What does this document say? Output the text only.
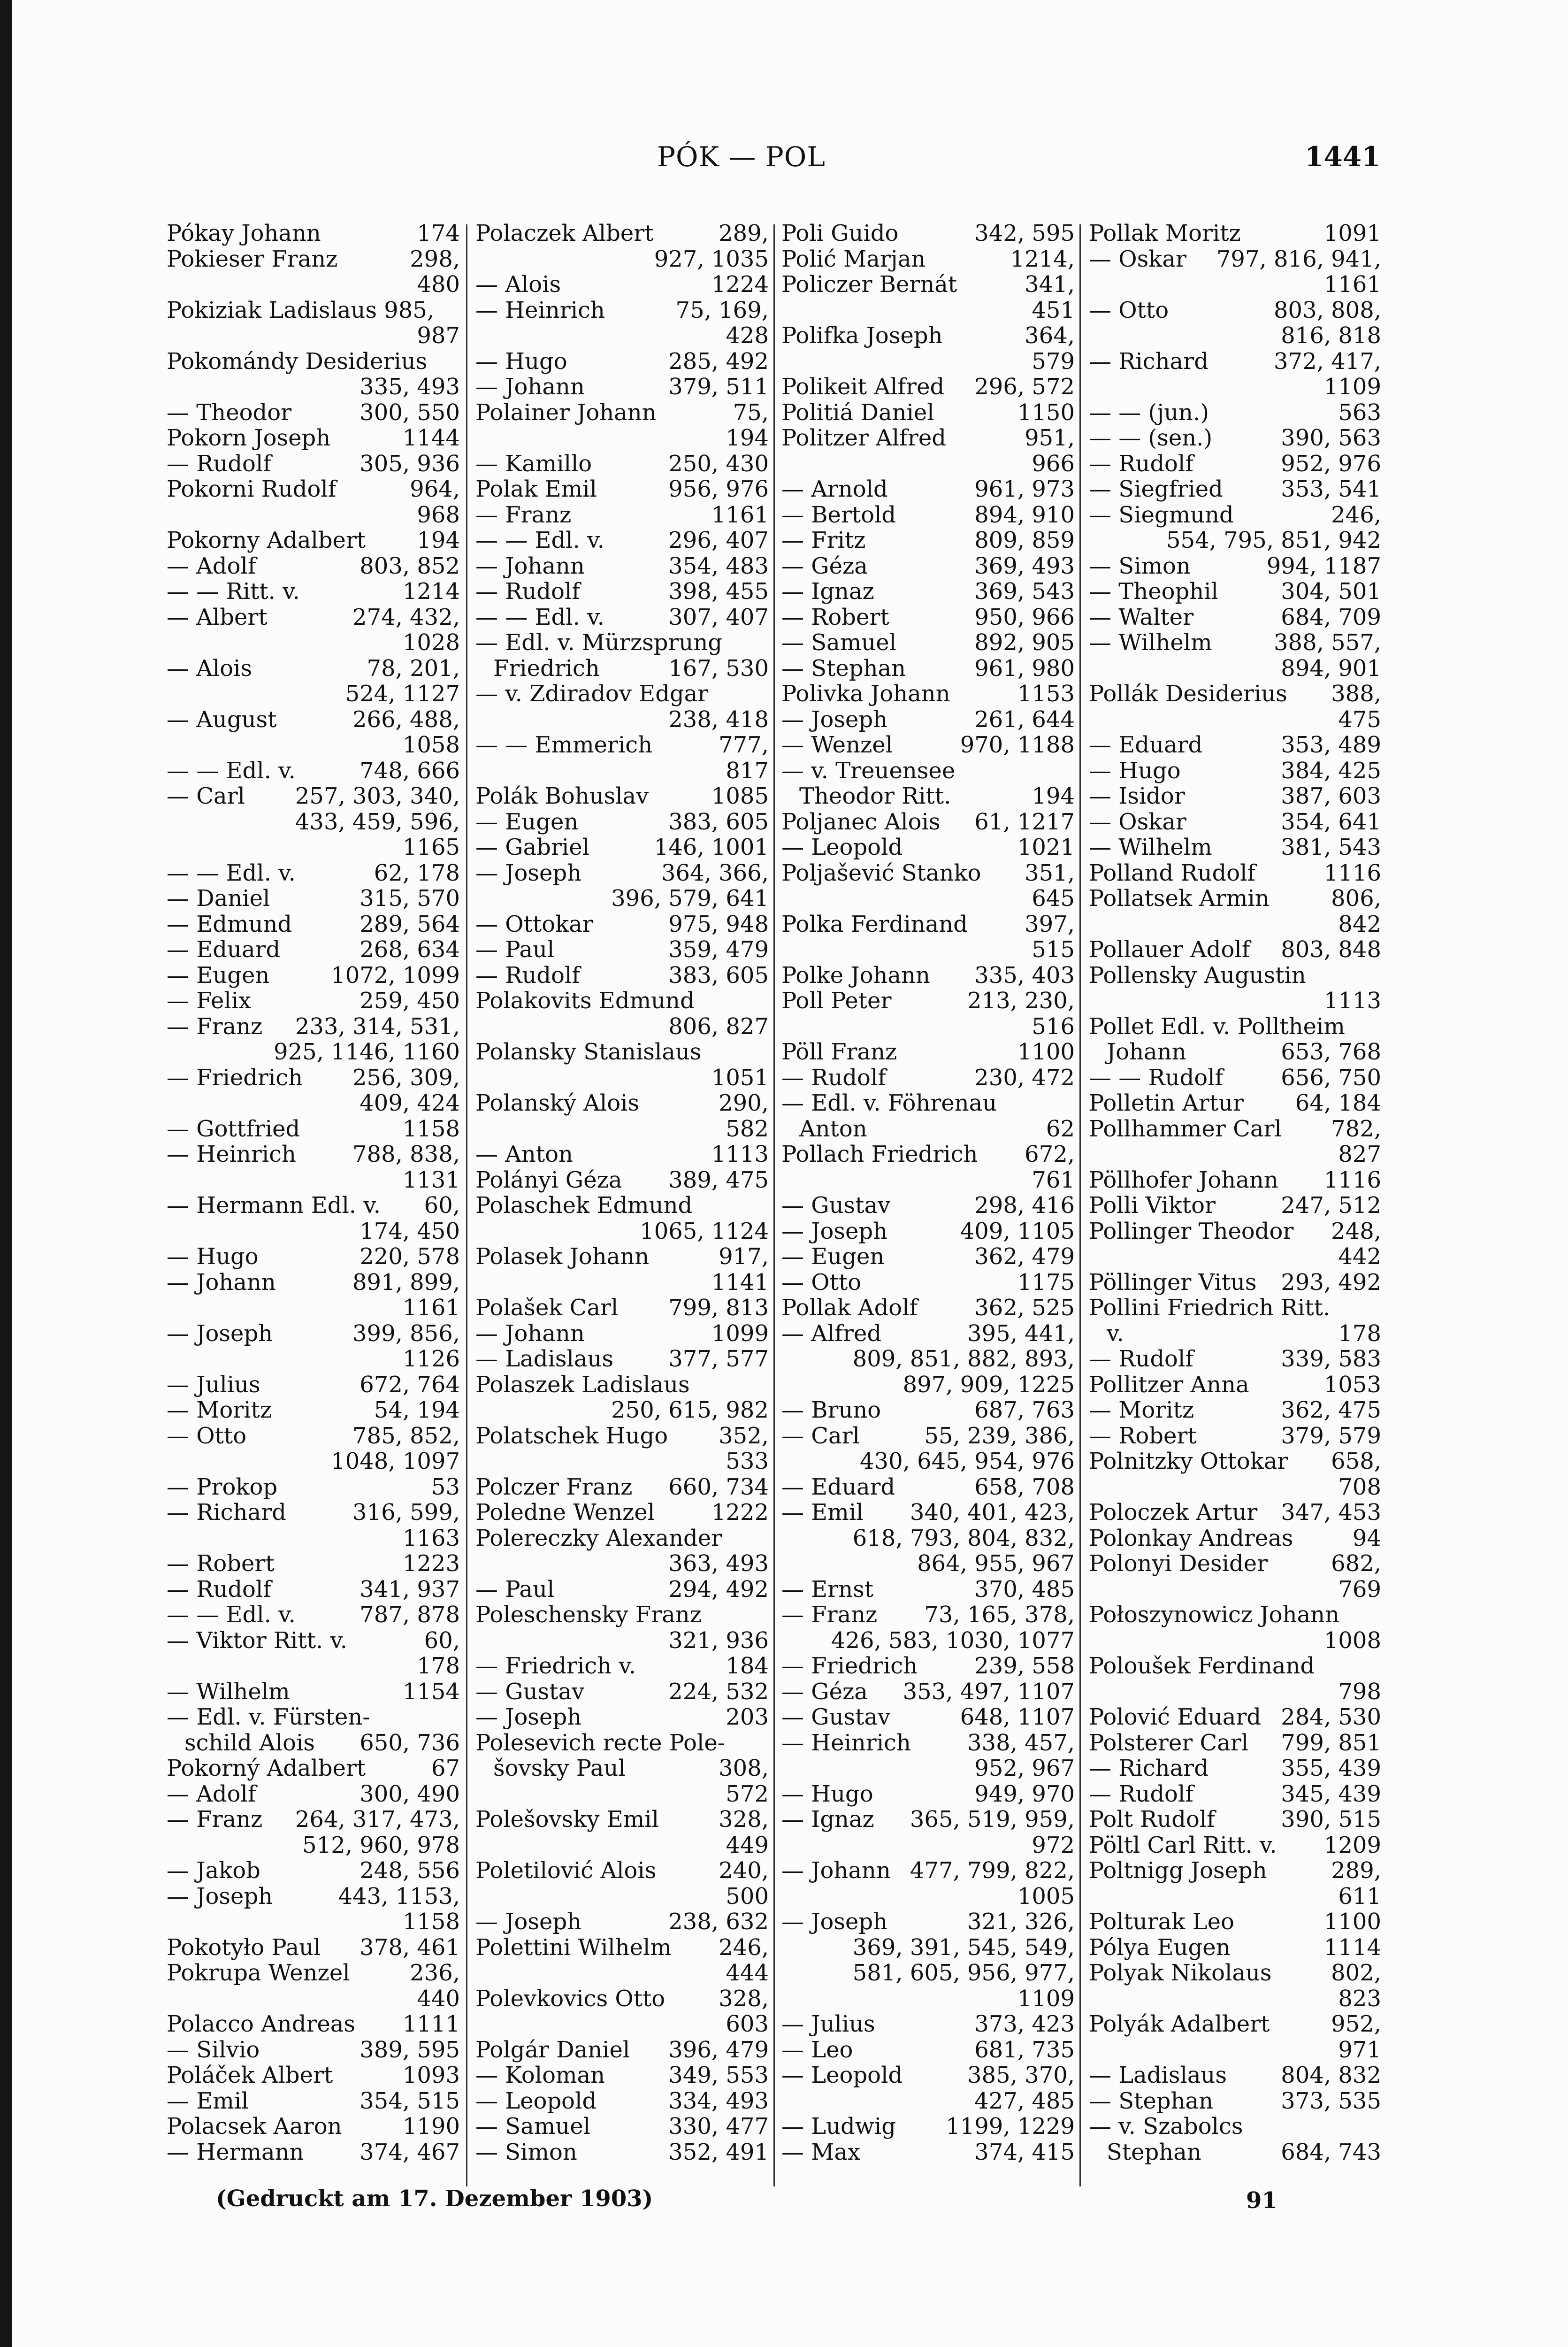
PÓK — POL	1441
Pókay Johann	174
Pokieser Franz	298,
480
Pokiziak Ladislaus 985,
987
Pokomándy Desiderius
335, 493
— Theodor	300, 550
Pokorn Joseph	1144
— Rudolf	305, 936
Pokorni Rudolf	964,
968
Pokorny Adalbert 194
— Adolf	803, 852
— — Ritt. v.	1214
— Albert	274, 432,
1028
— Alois	78, 201,
524, 1127
— August	266, 488,
1058
— — Edl. v.	748, 666
— Carl 257, 303, 340,
433, 459, 596,
1165
— — Edl. v.	62, 178
— Daniel	315, 570
— Edmund	289, 564
— Eduard	268, 634
— Eugen	1072, 1099
— Felix	259, 450
— Franz 233, 314, 531,
925, 1146, 1160
— Friedrich 256, 309,
409, 424
— Gottfried	1158
— Heinrich	788, 838,
1131
— Hermann Edl. v. 60,
174, 450
— Hugo	220, 578
— Johann	891, 899,
1161
— Joseph	399, 856,
1126
— Julius	672, 764
— Moritz	54, 194
— Otto	785, 852,
1048, 1097
— Prokop	53
— Richard	316, 599,
1163
— Robert	1223
— Rudolf	341, 937
— — Edl. v.	787, 878
— Viktor Ritt. v.	60,
178
— Wilhelm	1154
— Edl. v. Fürsten-
schild Alois 650, 736
Pokorný Adalbert	67
— Adolf	300, 490
— Franz 264, 317, 473,
512, 960, 978
— Jakob	248, 556
— Joseph	443, 1153,
1158
Pokotyło Paul 378, 461
Pokrupa Wenzel	236,
440
Polacco Andreas 1111
— Silvio	389, 595
Poláček Albert	1093
— Emil	354, 515
Polacsek Aaron	1190
— Hermann 374, 467
Polaczek Albert	289,
927, 1035
— Alois	1224
— Heinrich	75, 169,
428
— Hugo	285, 492
— Johann	379, 511
Polainer Johann	75,
194
— Kamillo	250, 430
Polak Emil	956, 976
— Franz	1161
— — Edl. v.	296, 407
— Johann	354, 483
— Rudolf	398, 455
— — Edl. v.	307, 407
— Edl. v. Mürzsprung
Friedrich	167, 530
— v. Zdiradov Edgar
238, 418
— — Emmerich	777,
817
Polák Bohuslav	1085
— Eugen	383, 605
— Gabriel	146, 1001
— Joseph	364, 366,
396, 579, 641
— Ottokar	975, 948
— Paul	359, 479
— Rudolf	383, 605
Polakovits Edmund
806, 827
Polansky Stanislaus
1051
Polanský Alois	290,
582
— Anton	1113
Polányi Géza 389, 475
Polaschek Edmund
1065, 1124
Polasek Johann	917,
1141
Polašek Carl 799, 813
— Johann	1099
— Ladislaus 377, 577
Polaszek Ladislaus
250, 615, 982
Polatschek Hugo 352,
533
Polczer Franz 660, 734
Poledne Wenzel	1222
Polereczky Alexander
363, 493
— Paul	294, 492
Poleschensky Franz
321, 936
— Friedrich v.	184
— Gustav	224, 532
— Joseph	203
Polesevich recte Pole-
šovsky Paul	308,
572
Polešovsky Emil	328,
449
Poletilović Alois	240,
500
— Joseph	238, 632
Polettini Wilhelm 246,
444
Polevkovics Otto 328,
603
Polgár Daniel 396, 479
— Koloman	349, 553
— Leopold	334, 493
— Samuel	330, 477
— Simon	352, 491
Poli Guido	342, 595
Polić Marjan	1214,
Policzer Bernát	341,
451
Polifka Joseph	364,
579
Polikeit Alfred 296, 572
Politiá Daniel	1150
Politzer Alfred	951,
966
— Arnold	961, 973
— Bertold	894, 910
— Fritz	809, 859
— Géza	369, 493
— Ignaz	369, 543
— Robert	950, 966
— Samuel	892, 905
— Stephan	961, 980
Polivka Johann	1153
— Joseph	261, 644
— Wenzel	970, 1188
— v. Treuensee
Theodor Ritt.	194
Poljanec Alois 61, 1217
— Leopold	1021
Poljašević Stanko 351,
645
Polka Ferdinand	397,
515
Polke Johann 335, 403
Poll Peter	213, 230,
516
Pöll Franz	1100
— Rudolf	230, 472
— Edl. v. Föhrenau
Anton	62
Pollach Friedrich 672,
761
— Gustav	298, 416
— Joseph	409, 1105
— Eugen	362, 479
— Otto	1175
Pollak Adolf	362, 525
— Alfred	395, 441,
809, 851, 882, 893,
897, 909, 1225
— Bruno	687, 763
— Carl	55, 239, 386,
430, 645, 954, 976
— Eduard	658, 708
— Emil 340, 401, 423,
618, 793, 804, 832,
864, 955, 967
— Ernst	370, 485
— Franz 73, 165, 378,
426, 583, 1030, 1077
— Friedrich	239, 558
— Géza 353, 497, 1107
— Gustav	648, 1107
— Heinrich	338, 457,
952, 967
— Hugo	949, 970
— Ignaz 365, 519, 959,
972
— Johann 477, 799, 822,
1005
— Joseph	321, 326,
369, 391, 545, 549,
581, 605, 956, 977,
1109
— Julius	373, 423
— Leo	681, 735
— Leopold	385, 370,
427, 485
— Ludwig 1199, 1229
— Max	374, 415
Pollak Moritz	1091
— Oskar 797, 816, 941,
1161
— Otto	803, 808,
816, 818
— Richard	372, 417,
1109
— — (jun.)	563
— — (sen.)	390, 563
— Rudolf	952, 976
— Siegfried	353, 541
— Siegmund	246,
554, 795, 851, 942
— Simon	994, 1187
— Theophil	304, 501
— Walter	684, 709
— Wilhelm	388, 557,
894, 901
Pollák Desiderius 388,
475
— Eduard	353, 489
— Hugo	384, 425
— Isidor	387, 603
— Oskar	354, 641
— Wilhelm	381, 543
Polland Rudolf	1116
Pollatsek Armin	806,
842
Pollauer Adolf 803, 848
Pollensky Augustin
1113
Pollet Edl. v. Polltheim
Johann	653, 768
— — Rudolf	656, 750
Polletin Artur 64, 184
Pollhammer Carl 782,
827
Pöllhofer Johann 1116
Polli Viktor	247, 512
Pollinger Theodor 248,
442
Pöllinger Vitus 293, 492
Pollini Friedrich Ritt.
v.	178
— Rudolf	339, 583
Pollitzer Anna	1053
— Moritz	362, 475
— Robert	379, 579
Polnitzky Ottokar 658,
708
Poloczek Artur 347, 453
Polonkay Andreas	94
Polonyi Desider	682,
769
Połoszynowicz Johann
1008
Poloušek Ferdinand
798
Polović Eduard 284, 530
Polsterer Carl 799, 851
— Richard	355, 439
— Rudolf	345, 439
Polt Rudolf	390, 515
Pöltl Carl Ritt. v. 1209
Poltnigg Joseph	289,
611
Polturak Leo	1100
Pólya Eugen	1114
Polyak Nikolaus	802,
823
Polyák Adalbert	952,
971
— Ladislaus 804, 832
— Stephan	373, 535
— v. Szabolcs
Stephan	684, 743
(Gedruckt am 17. Dezember 1903)	91
